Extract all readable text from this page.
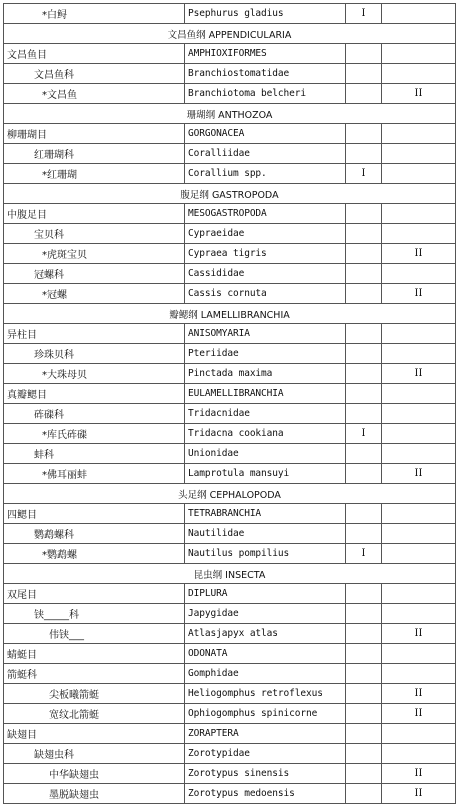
*白鲟	Psephurus gladius	I	
文昌鱼纲 APPENDICULARIA			
文昌鱼目	AMPHIOXIFORMES		
文昌鱼科	Branchiostomatidae		
*文昌鱼	Branchiotoma belcheri		II
珊瑚纲 ANTHOZOA			
柳珊瑚目	GORGONACEA		
红珊瑚科	Coralliidae		
*红珊瑚	Corallium spp.	I	
腹足纲 GASTROPODA			
中腹足目	MESOGASTROPODA		
宝贝科	Cypraeidae		
*虎斑宝贝	Cypraea tigris		II
冠螺科	Cassididae		
*冠螺	Cassis cornuta		II
瓣鳃纲 LAMELLIBRANCHIA			
异柱目	ANISOMYARIA		
珍珠贝科	Pteriidae		
*大珠母贝	Pinctada maxima		II
真瓣鳃目	EULAMELLIBRANCHIA		
砗磲科	Tridacnidae		
*库氏砗磲	Tridacna cookiana	I	
蚌科	Unionidae		
*佛耳丽蚌	Lamprotula mansuyi		II
头足纲 CEPHALOPODA			
四鳃目	TETRABRANCHIA		
鹦鹉螺科	Nautilidae		
*鹦鹉螺	Nautilus pompilius	I	
昆虫纲 INSECTA			
双尾目	DIPLURA		
铗_____科	Japygidae		
伟铗___	Atlasjapyx atlas		II
蜻蜓目	ODONATA		
箭蜓科	Gomphidae		
尖板曦箭蜓	Heliogomphus retroflexus		II
宽纹北箭蜓	Ophiogomphus spinicorne		II
缺翅目	ZORAPTERA		
缺翅虫科	Zorotypidae		
中华缺翅虫	Zorotypus sinensis		II
墨脱缺翅虫	Zorotypus medoensis		II
